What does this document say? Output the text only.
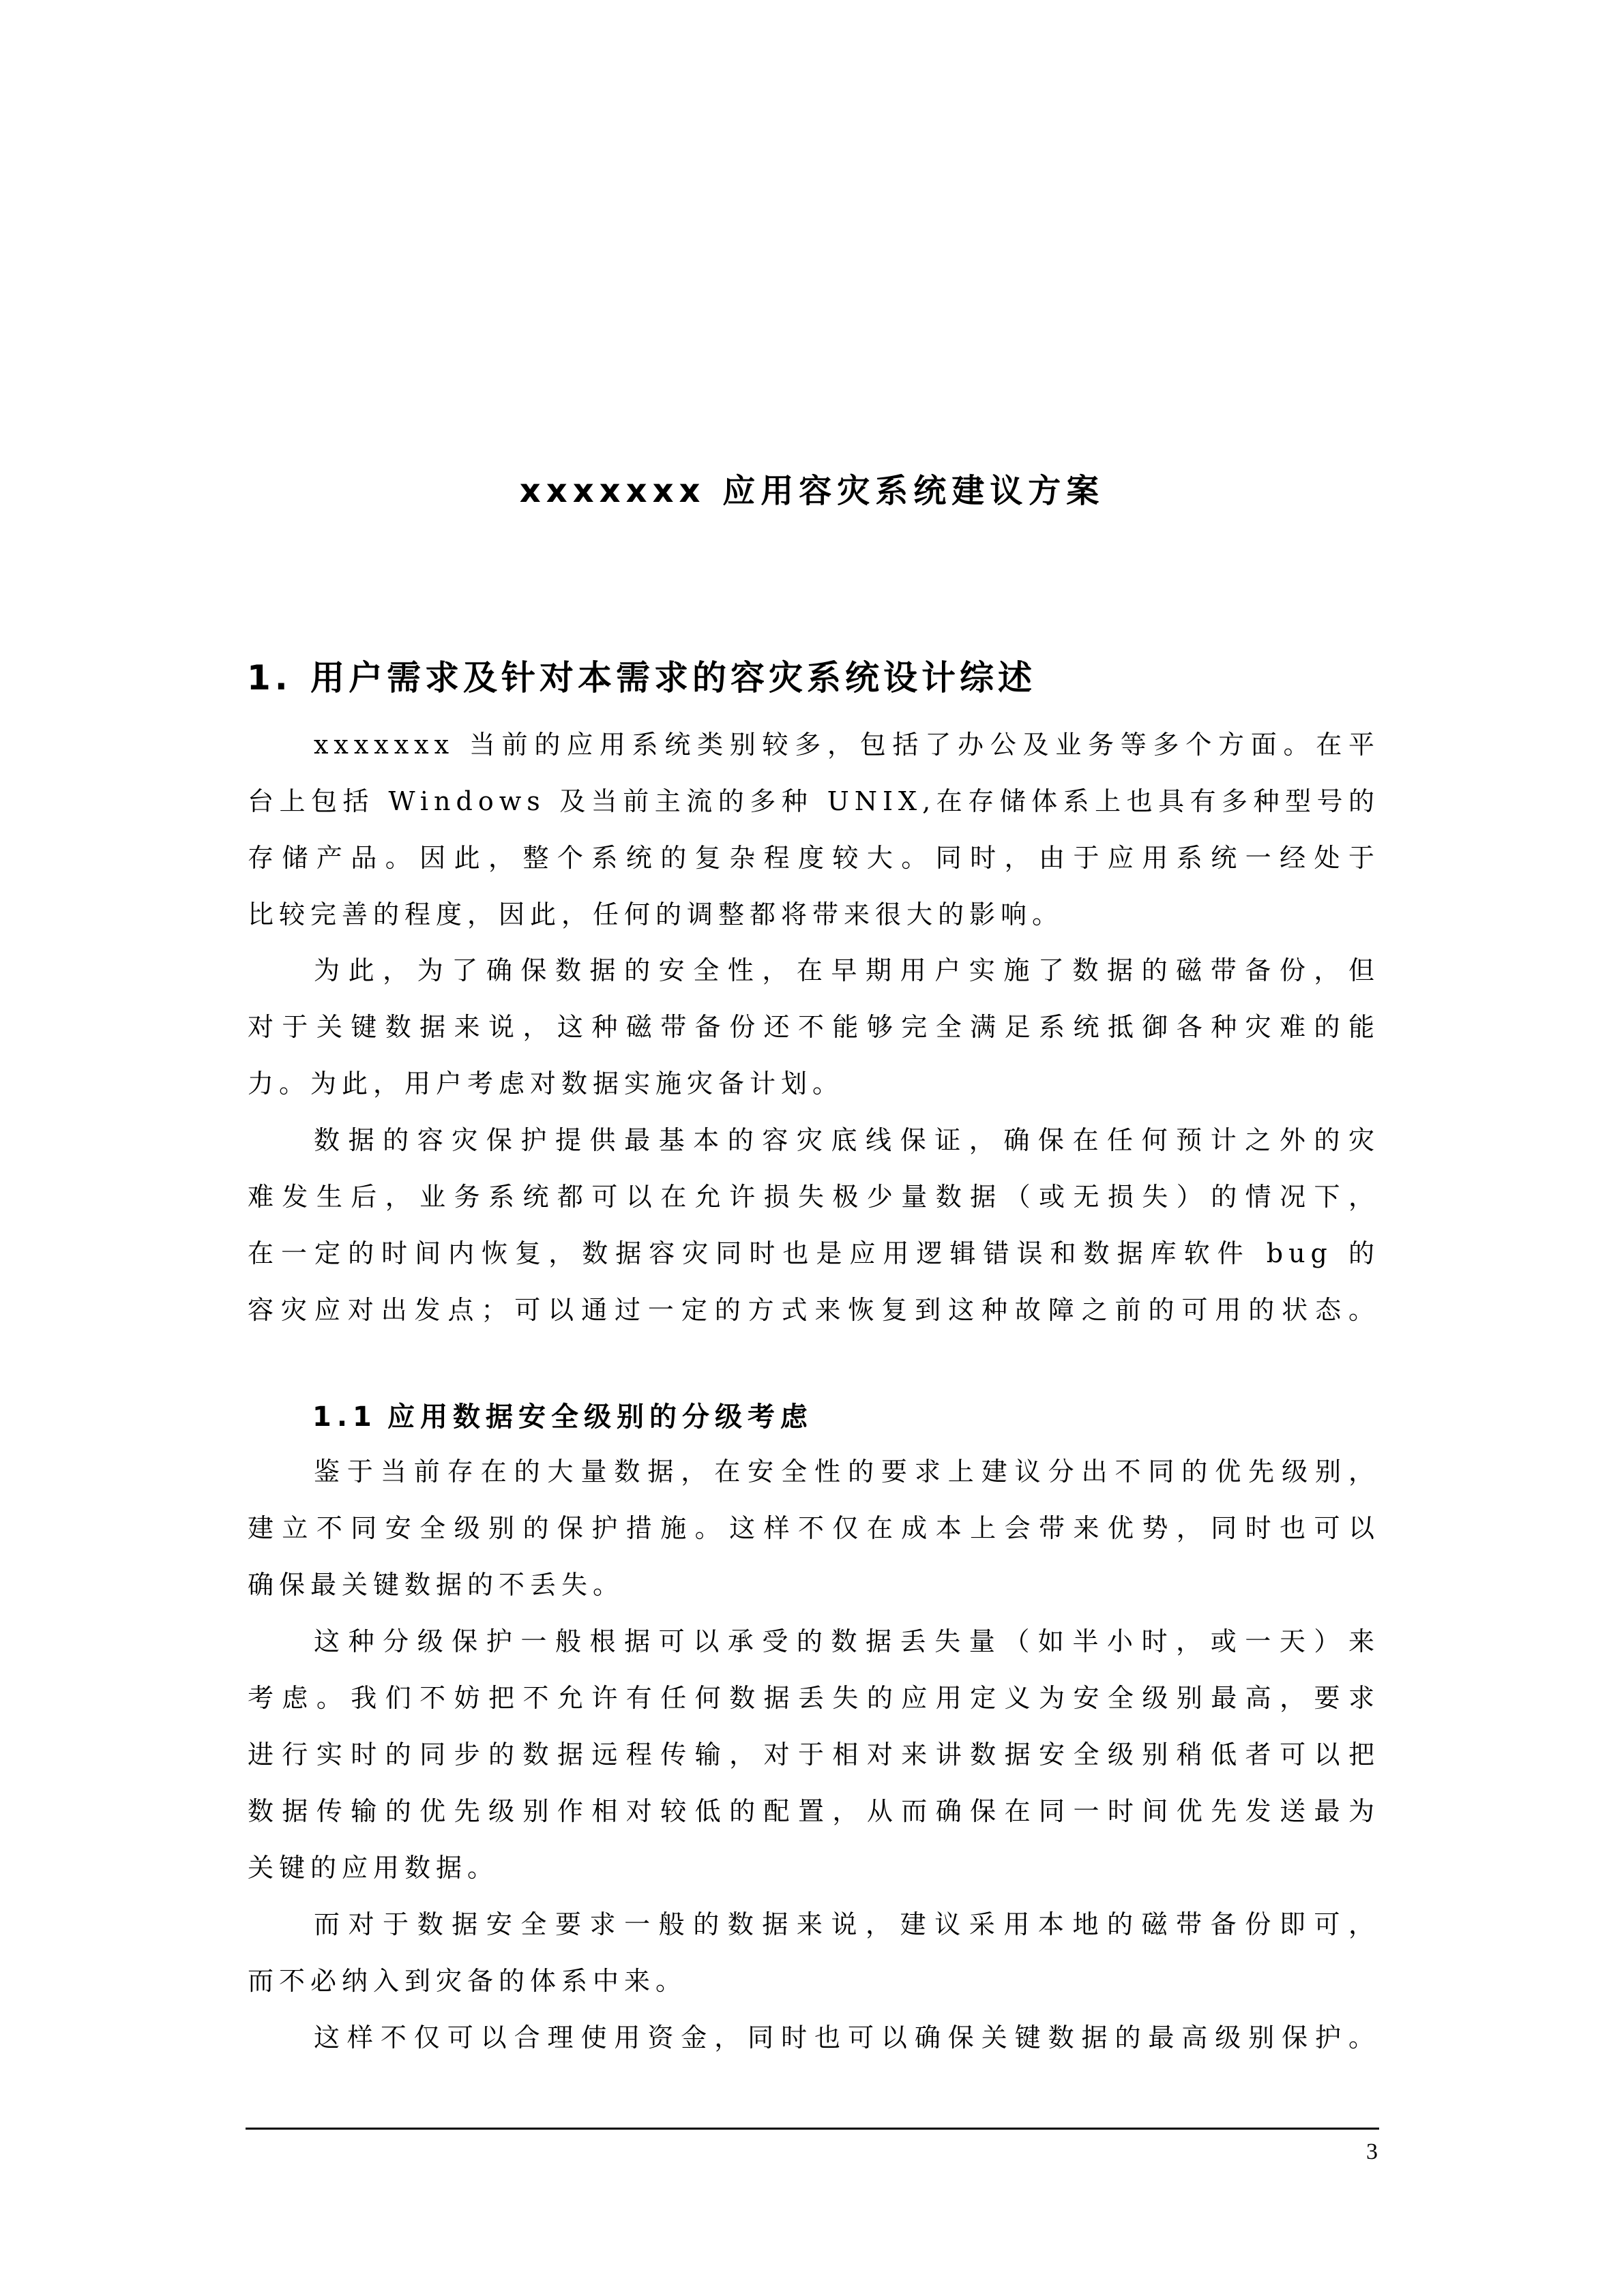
xxxxxxx 应用容灾系统建议方案
1. 用户需求及针对本需求的容灾系统设计综述
xxxxxxx 当前的应用系统类别较多，包括了办公及业务等多个方面。在平
台上包括 Windows 及当前主流的多种 UNIX,在存储体系上也具有多种型号的
存储产品。因此，整个系统的复杂程度较大。同时，由于应用系统一经处于
比较完善的程度，因此，任何的调整都将带来很大的影响。
为此，为了确保数据的安全性，在早期用户实施了数据的磁带备份，但
对于关键数据来说，这种磁带备份还不能够完全满足系统抵御各种灾难的能
力。为此，用户考虑对数据实施灾备计划。
数据的容灾保护提供最基本的容灾底线保证，确保在任何预计之外的灾
难发生后，业务系统都可以在允许损失极少量数据（或无损失）的情况下，
在一定的时间内恢复，数据容灾同时也是应用逻辑错误和数据库软件 bug 的
容灾应对出发点；可以通过一定的方式来恢复到这种故障之前的可用的状态。
1.1 应用数据安全级别的分级考虑
鉴于当前存在的大量数据，在安全性的要求上建议分出不同的优先级别，
建立不同安全级别的保护措施。这样不仅在成本上会带来优势，同时也可以
确保最关键数据的不丢失。
这种分级保护一般根据可以承受的数据丢失量（如半小时，或一天）来
考虑。我们不妨把不允许有任何数据丢失的应用定义为安全级别最高，要求
进行实时的同步的数据远程传输，对于相对来讲数据安全级别稍低者可以把
数据传输的优先级别作相对较低的配置，从而确保在同一时间优先发送最为
关键的应用数据。
而对于数据安全要求一般的数据来说，建议采用本地的磁带备份即可，
而不必纳入到灾备的体系中来。
这样不仅可以合理使用资金，同时也可以确保关键数据的最高级别保护。
3
